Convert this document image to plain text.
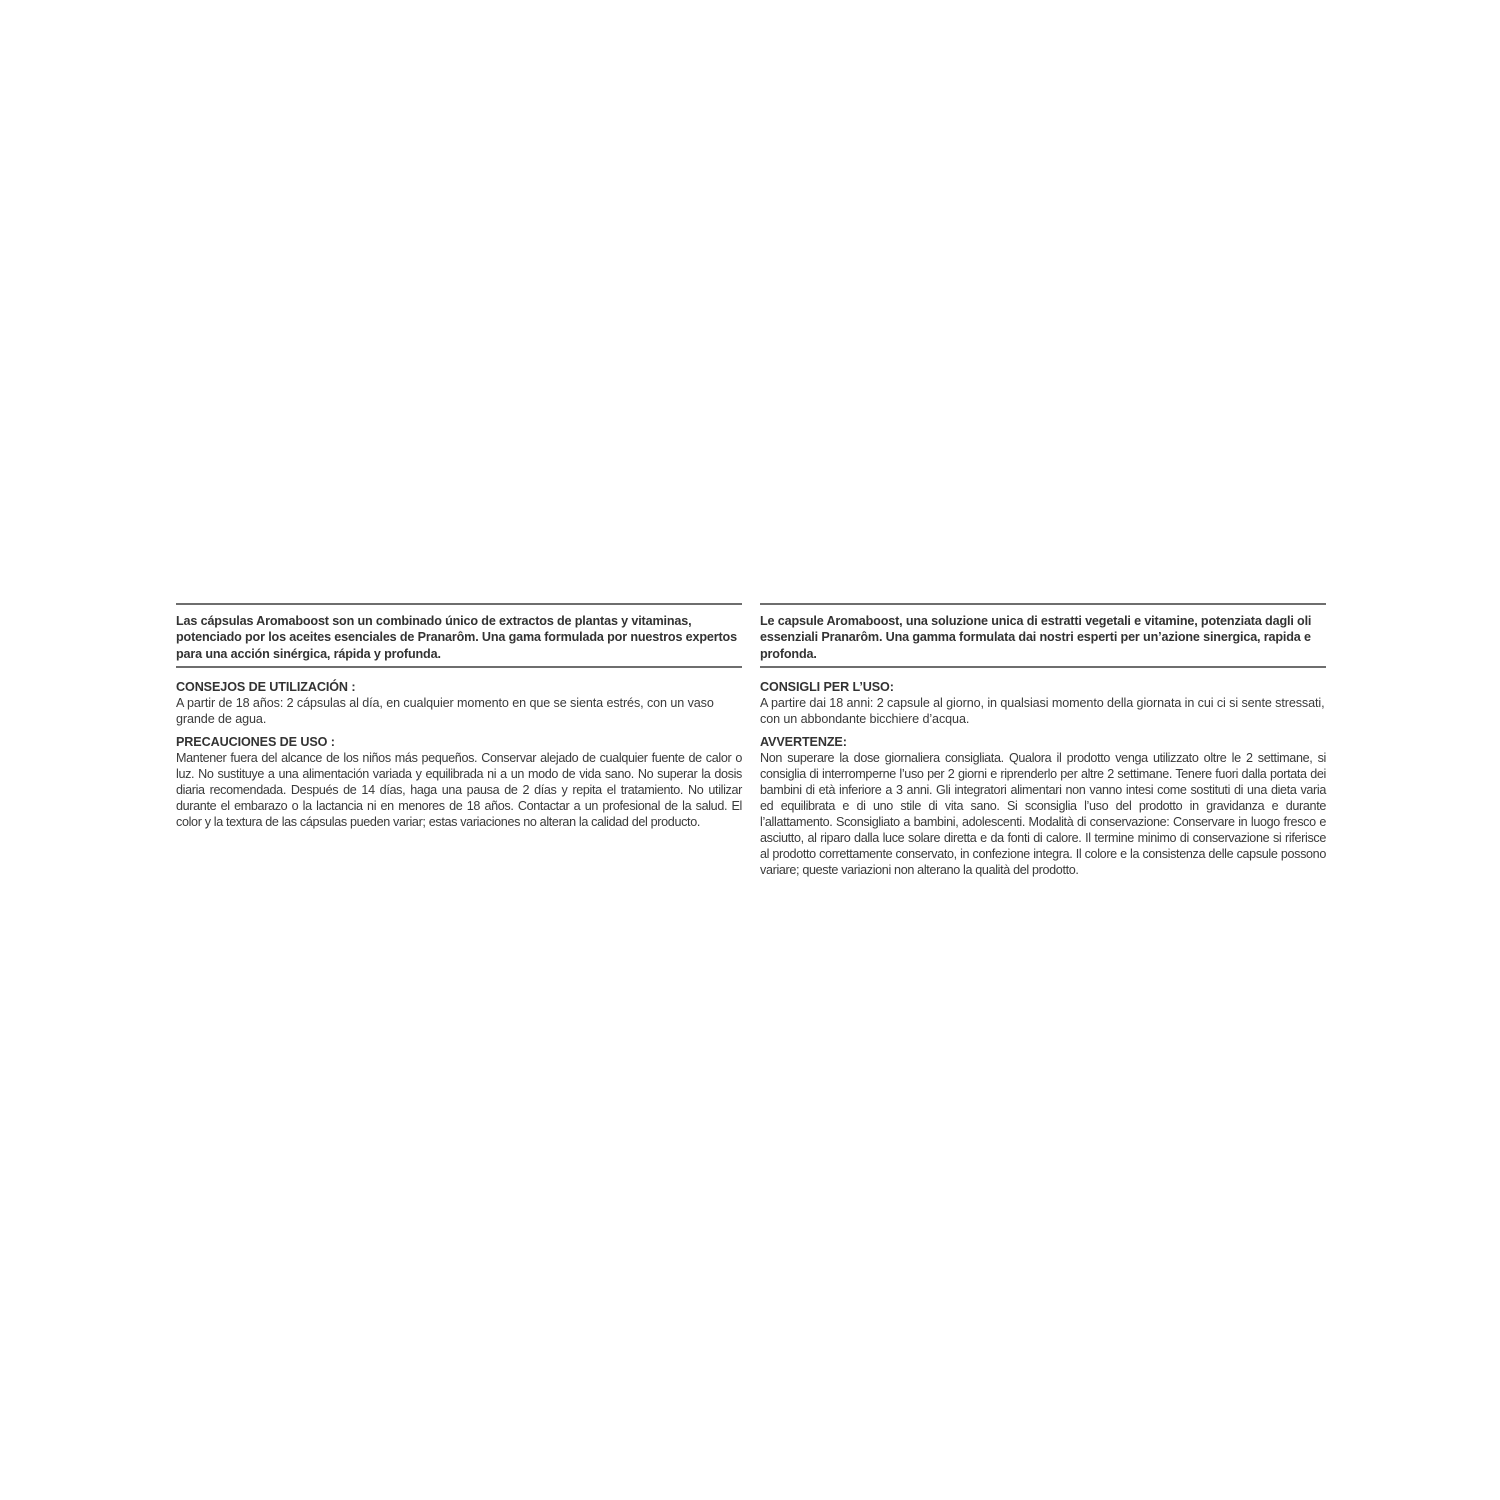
Las cápsulas Aromaboost son un combinado único de extractos de plantas y vitaminas, potenciado por los aceites esenciales de Pranarôm. Una gama formulada por nuestros expertos para una acción sinérgica, rápida y profunda.

CONSEJOS DE UTILIZACIÓN :

A partir de 18 años: 2 cápsulas al día, en cualquier momento en que se sienta estrés, con un vaso grande de agua.

PRECAUCIONES DE USO :

Mantener fuera del alcance de los niños más pequeños. Conservar alejado de cualquier fuente de calor o luz. No sustituye a una alimentación variada y equilibrada ni a un modo de vida sano. No superar la dosis diaria recomendada. Después de 14 días, haga una pausa de 2 días y repita el tratamiento. No utilizar durante el embarazo o la lactancia ni en menores de 18 años. Contactar a un profesional de la salud. El color y la textura de las cápsulas pueden variar; estas variaciones no alteran la calidad del producto.

Le capsule Aromaboost, una soluzione unica di estratti vegetali e vitamine, potenziata dagli oli essenziali Pranarôm. Una gamma formulata dai nostri esperti per un’azione sinergica, rapida e profonda.

CONSIGLI PER L’USO:

A partire dai 18 anni: 2 capsule al giorno, in qualsiasi momento della giornata in cui ci si sente stressati, con un abbondante bicchiere d’acqua.

AVVERTENZE:

Non superare la dose giornaliera consigliata. Qualora il prodotto venga utilizzato oltre le 2 settimane, si consiglia di interromperne l’uso per 2 giorni e riprenderlo per altre 2 settimane. Tenere fuori dalla portata dei bambini di età inferiore a 3 anni. Gli integratori alimentari non vanno intesi come sostituti di una dieta varia ed equilibrata e di uno stile di vita sano. Si sconsiglia l’uso del prodotto in gravidanza e durante l’allattamento. Sconsigliato a bambini, adolescenti. Modalità di conservazione: Conservare in luogo fresco e asciutto, al riparo dalla luce solare diretta e da fonti di calore. Il termine minimo di conservazione si riferisce al prodotto correttamente conservato, in confezione integra. Il colore e la consistenza delle capsule possono variare; queste variazioni non alterano la qualità del prodotto.
